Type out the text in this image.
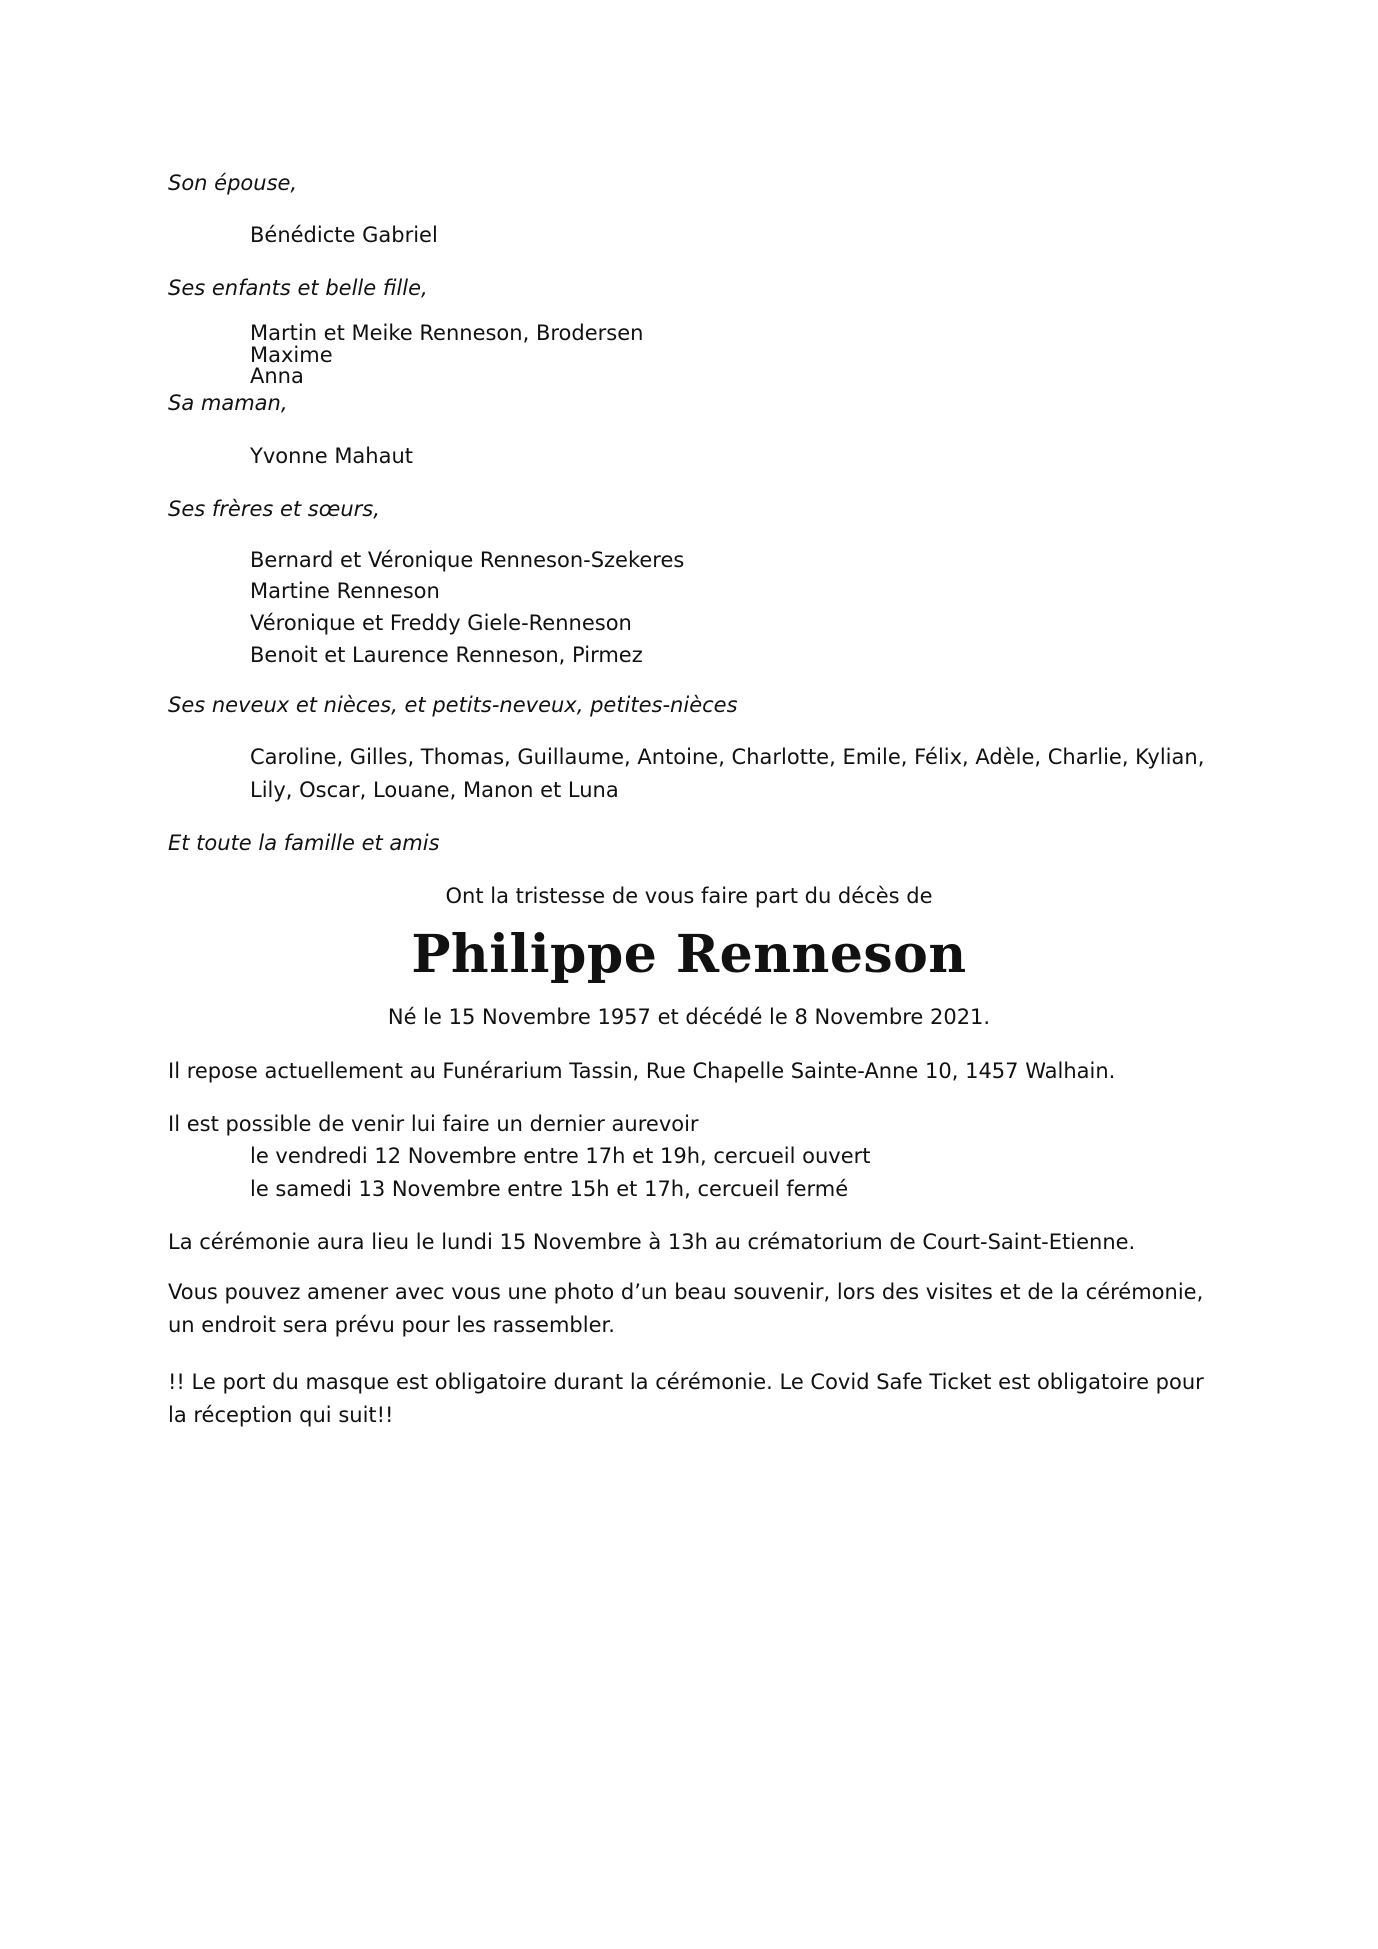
Son épouse,
Bénédicte Gabriel
Ses enfants et belle fille,
Martin et Meike Renneson, Brodersen
Maxime
Anna
Sa maman,
Yvonne Mahaut
Ses frères et sœurs,
Bernard et Véronique Renneson-Szekeres
Martine Renneson
Véronique et Freddy Giele-Renneson
Benoit et Laurence Renneson, Pirmez
Ses neveux et nièces, et petits-neveux, petites-nièces
Caroline, Gilles, Thomas, Guillaume, Antoine, Charlotte, Emile, Félix, Adèle, Charlie, Kylian,
Lily, Oscar, Louane, Manon et Luna
Et toute la famille et amis
Ont la tristesse de vous faire part du décès de
Philippe Renneson
Né le 15 Novembre 1957 et décédé le 8 Novembre 2021.
Il repose actuellement au Funérarium Tassin, Rue Chapelle Sainte-Anne 10, 1457 Walhain.
Il est possible de venir lui faire un dernier aurevoir
le vendredi 12 Novembre entre 17h et 19h, cercueil ouvert
le samedi 13 Novembre entre 15h et 17h, cercueil fermé
La cérémonie aura lieu le lundi 15 Novembre à 13h au crématorium de Court-Saint-Etienne.
Vous pouvez amener avec vous une photo d’un beau souvenir, lors des visites et de la cérémonie, un endroit sera prévu pour les rassembler.
!! Le port du masque est obligatoire durant la cérémonie. Le Covid Safe Ticket est obligatoire pour la réception qui suit!!
